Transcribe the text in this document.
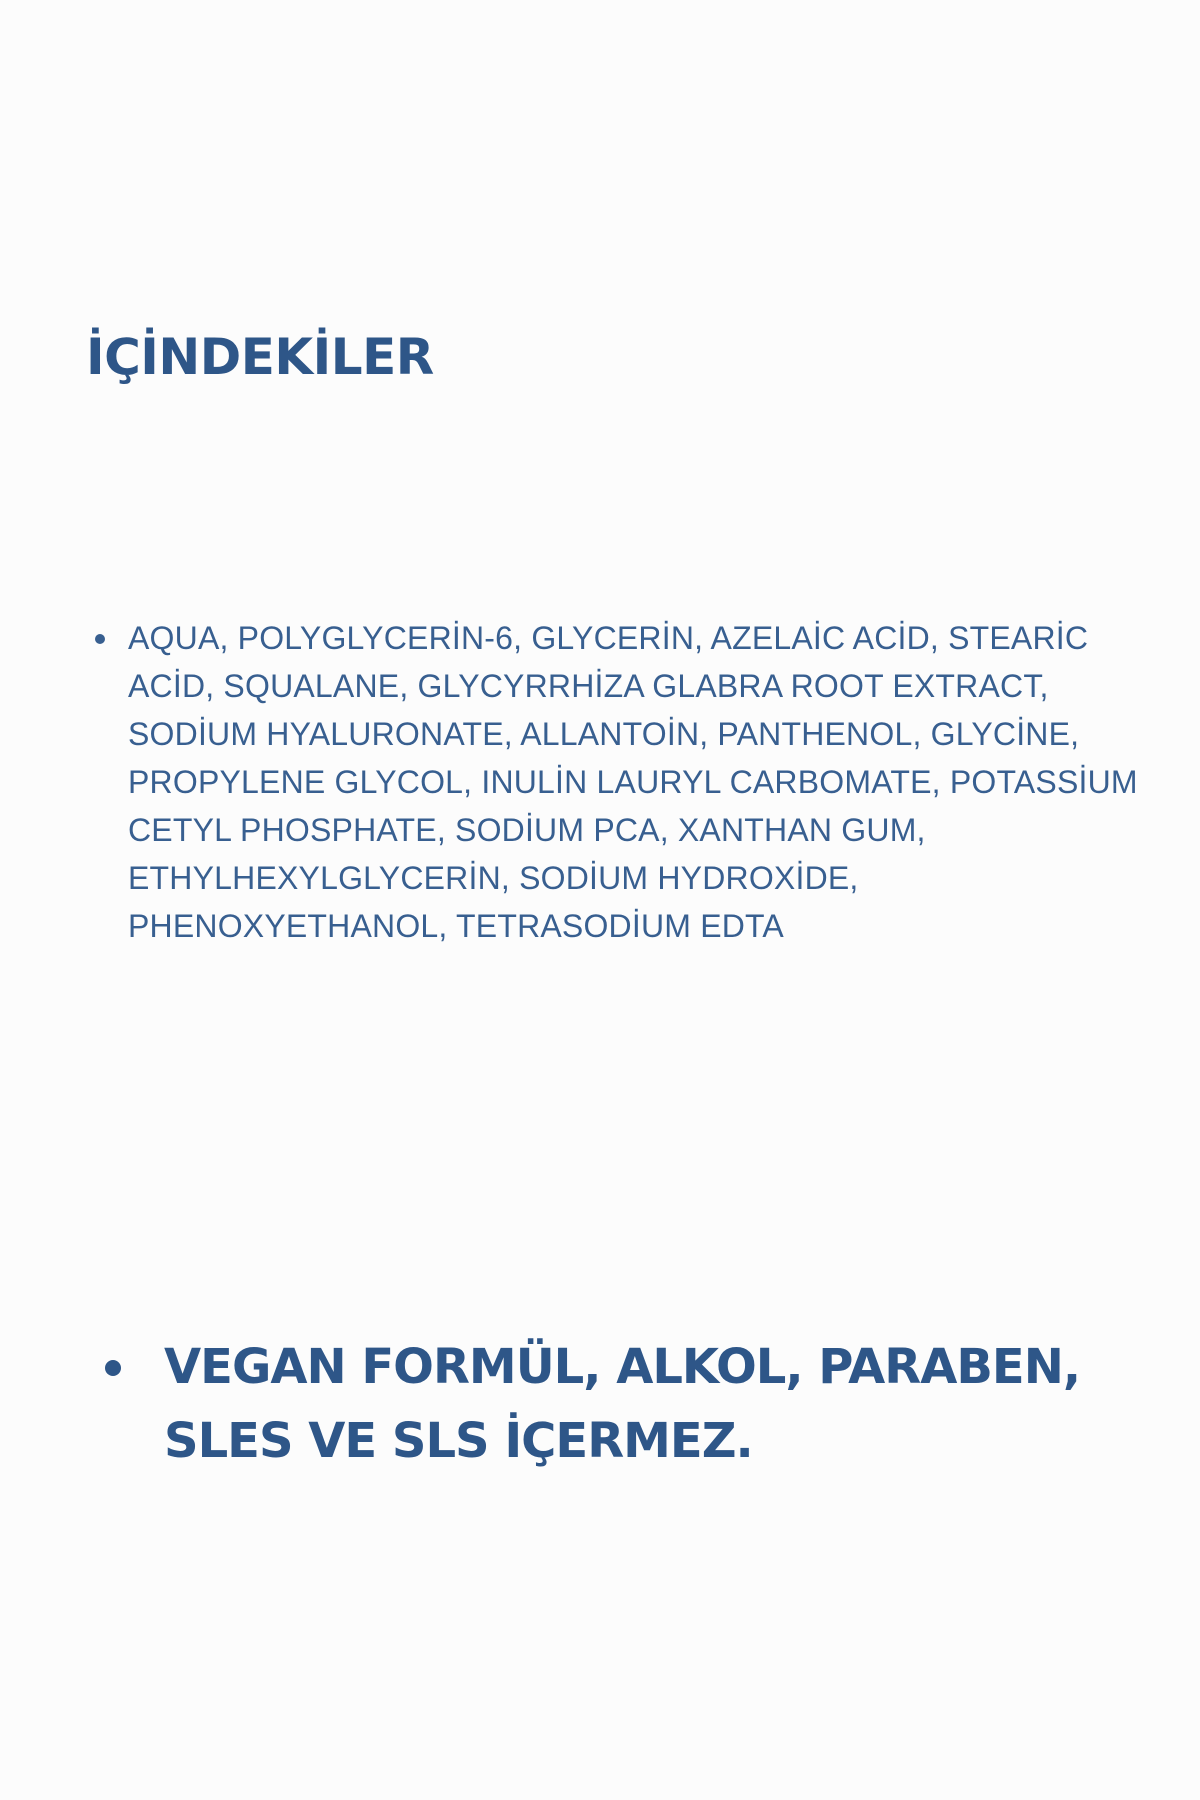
İÇİNDEKİLER
AQUA, POLYGLYCERİN-6, GLYCERİN, AZELAİC ACİD, STEARİC ACİD, SQUALANE, GLYCYRRHİZA GLABRA ROOT EXTRACT, SODİUM HYALURONATE, ALLANTOİN, PANTHENOL, GLYCİNE, PROPYLENE GLYCOL, INULİN LAURYL CARBOMATE, POTASSİUM CETYL PHOSPHATE, SODİUM PCA, XANTHAN GUM, ETHYLHEXYLGLYCERİN, SODİUM HYDROXİDE, PHENOXYETHANOL, TETRASODİUM EDTA
VEGAN FORMÜL, ALKOL, PARABEN, SLES VE SLS İÇERMEZ.
